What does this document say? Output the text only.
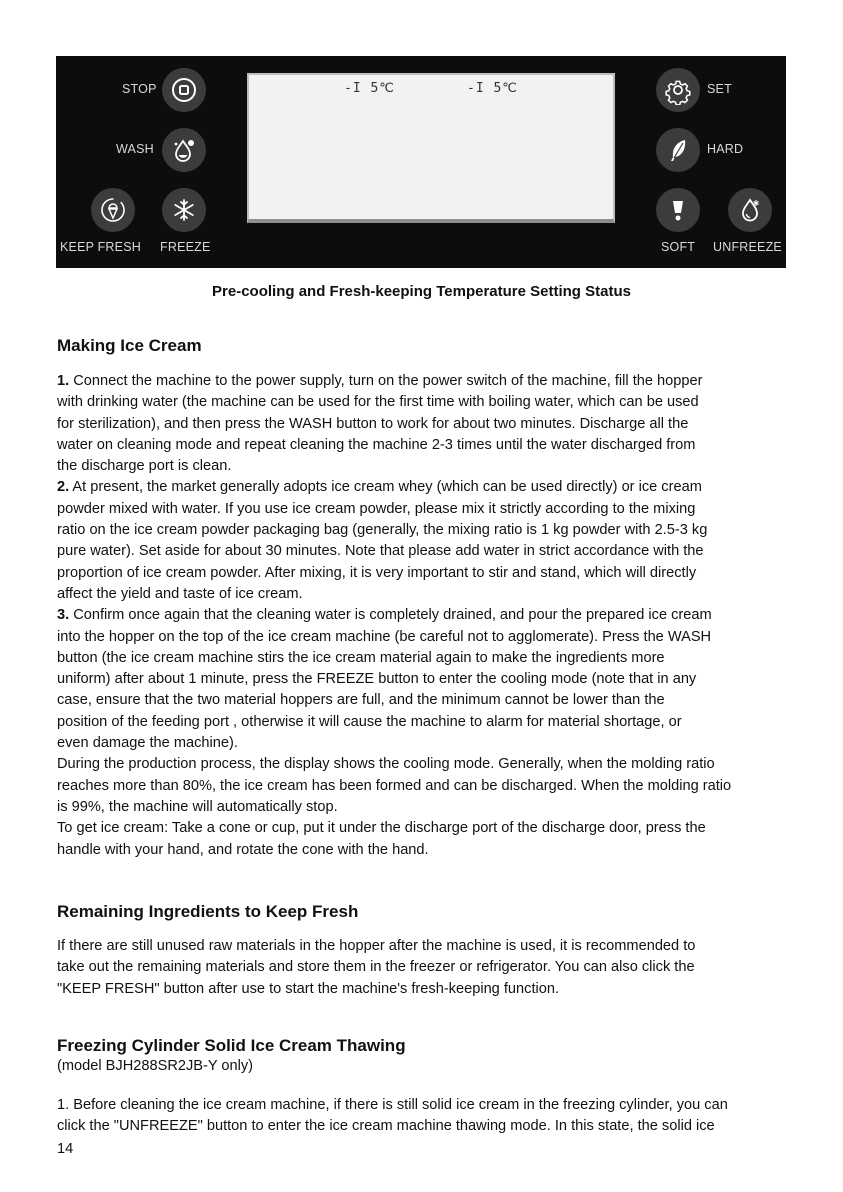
STOP
WASH
KEEP FRESH FREEZE
-I 5℃	-I 5℃	SET
HARD
SOFT UNFREEZE
Pre-cooling and Fresh-keeping Temperature Setting Status
Making Ice Cream
1. Connect the machine to the power supply, turn on the power switch of the machine, fill the hopper
with drinking water (the machine can be used for the first time with boiling water, which can be used
for sterilization), and then press the WASH button to work for about two minutes. Discharge all the
water on cleaning mode and repeat cleaning the machine 2-3 times until the water discharged from
the discharge port is clean.
2. At present, the market generally adopts ice cream whey (which can be used directly) or ice cream
powder mixed with water. If you use ice cream powder, please mix it strictly according to the mixing
ratio on the ice cream powder packaging bag (generally, the mixing ratio is 1 kg powder with 2.5-3 kg
pure water). Set aside for about 30 minutes. Note that please add water in strict accordance with the
proportion of ice cream powder. After mixing, it is very important to stir and stand, which will directly
affect the yield and taste of ice cream.
3. Confirm once again that the cleaning water is completely drained, and pour the prepared ice cream
into the hopper on the top of the ice cream machine (be careful not to agglomerate). Press the WASH
button (the ice cream machine stirs the ice cream material again to make the ingredients more
uniform) after about 1 minute, press the FREEZE button to enter the cooling mode (note that in any
case, ensure that the two material hoppers are full, and the minimum cannot be lower than the
position of the feeding port , otherwise it will cause the machine to alarm for material shortage, or
even damage the machine).
During the production process, the display shows the cooling mode. Generally, when the molding ratio
reaches more than 80%, the ice cream has been formed and can be discharged. When the molding ratio
is 99%, the machine will automatically stop.
To get ice cream: Take a cone or cup, put it under the discharge port of the discharge door, press the
handle with your hand, and rotate the cone with the hand.
Remaining Ingredients to Keep Fresh
If there are still unused raw materials in the hopper after the machine is used, it is recommended to
take out the remaining materials and store them in the freezer or refrigerator. You can also click the
"KEEP FRESH" button after use to start the machine's fresh-keeping function.
Freezing Cylinder Solid Ice Cream Thawing
(model BJH288SR2JB-Y only)
1. Before cleaning the ice cream machine, if there is still solid ice cream in the freezing cylinder, you can
click the "UNFREEZE" button to enter the ice cream machine thawing mode. In this state, the solid ice
14
